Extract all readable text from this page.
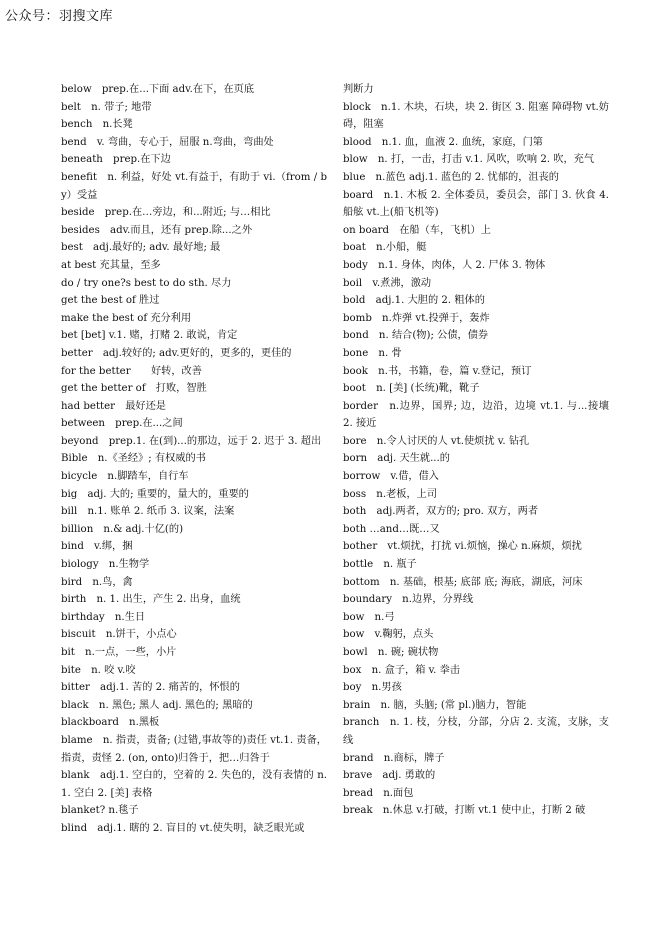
公众号：羽搜文库

below　prep.在...下面 adv.在下，在页底

belt　n. 带子; 地带

bench　n.长凳

bend　v. 弯曲，专心于，屈服 n.弯曲，弯曲处

beneath　prep.在下边

benefit　n. 利益，好处 vt.有益于，有助于 vi.（from / by）受益

beside　prep.在…旁边，和...附近; 与…相比

besides　adv.而且，还有 prep.除...之外

best　adj.最好的; adv. 最好地; 最

at best 充其量，至多

do / try one?s best to do sth. 尽力

get the best of 胜过

make the best of 充分利用

bet [bet] v.1. 赌，打赌 2. 敢说，肯定

better　adj.较好的; adv.更好的，更多的，更佳的

for the better　　好转，改善

get the better of　打败，智胜

had better　最好还是

between　prep.在...之间

beyond　prep.1. 在(到)...的那边，远于 2. 迟于 3. 超出

Bible　n.《圣经》; 有权威的书

bicycle　n.脚踏车，自行车

big　adj. 大的; 重要的，量大的，重要的

bill　n.1. 账单 2. 纸币 3. 议案，法案

billion　n.& adj.十亿(的)

bind　v.绑，捆

biology　n.生物学

bird　n.鸟，禽

birth　n. 1. 出生，产生 2. 出身，血统

birthday　n.生日

biscuit　n.饼干，小点心

bit　n.一点，一些，小片

bite　n. 咬 v.咬

bitter　adj.1. 苦的 2. 痛苦的，怀恨的

black　n. 黑色; 黑人 adj. 黑色的; 黑暗的

blackboard　n.黑板

blame　n. 指责，责备; (过错,事故等的)责任 vt.1. 责备，指责，责怪 2. (on, onto)归咎于，把…归咎于

blank　adj.1. 空白的，空着的 2. 失色的，没有表情的 n.1. 空白 2. [美] 表格

blanket? n.毯子

blind　adj.1. 瞎的 2. 盲目的 vt.使失明，缺乏眼光或

判断力

block　n.1. 木块，石块，块 2. 街区 3. 阻塞 障碍物 vt.妨碍，阻塞

blood　n.1. 血，血液 2. 血统，家庭，门第

blow　n. 打，一击，打击 v.1. 风吹，吹响 2. 吹，充气

blue　n.蓝色 adj.1. 蓝色的 2. 忧郁的，沮丧的

board　n.1. 木板 2. 全体委员，委员会，部门 3. 伙食 4. 船舷 vt.上(船飞机等)

on board　在船（车，飞机）上

boat　n.小船，艇

body　n.1. 身体，肉体，人 2. 尸体 3. 物体

boil　v.煮沸，激动

bold　adj.1. 大胆的 2. 粗体的

bomb　n.炸弹 vt.投弹于，轰炸

bond　n. 结合(物); 公债，债券

bone　n. 骨

book　n.书，书籍，卷，篇 v.登记，预订

boot　n. [美] (长统)靴，靴子

border　n.边界，国界; 边，边沿，边境 vt.1. 与...接壤 2. 接近

bore　n.令人讨厌的人 vt.使烦扰 v. 钻孔

born　adj. 天生就...的

borrow　v.借，借入

boss　n.老板，上司

both　adj.两者，双方的; pro. 双方，两者

both …and…既…又

bother　vt.烦扰，打扰 vi.烦恼，操心 n.麻烦，烦扰

bottle　n. 瓶子

bottom　n. 基础，根基; 底部 底; 海底，湖底，河床

boundary　n.边界，分界线

bow　n.弓

bow　v.鞠躬，点头

bowl　n. 碗; 碗状物

box　n. 盒子，箱 v. 拳击

boy　n.男孩

brain　n. 脑，头脑; (常 pl.)脑力，智能

branch　n. 1. 枝，分枝，分部，分店 2. 支流，支脉，支线

brand　n.商标，牌子

brave　adj. 勇敢的

bread　n.面包

break　n.休息 v.打破，打断 vt.1 使中止，打断 2 破
